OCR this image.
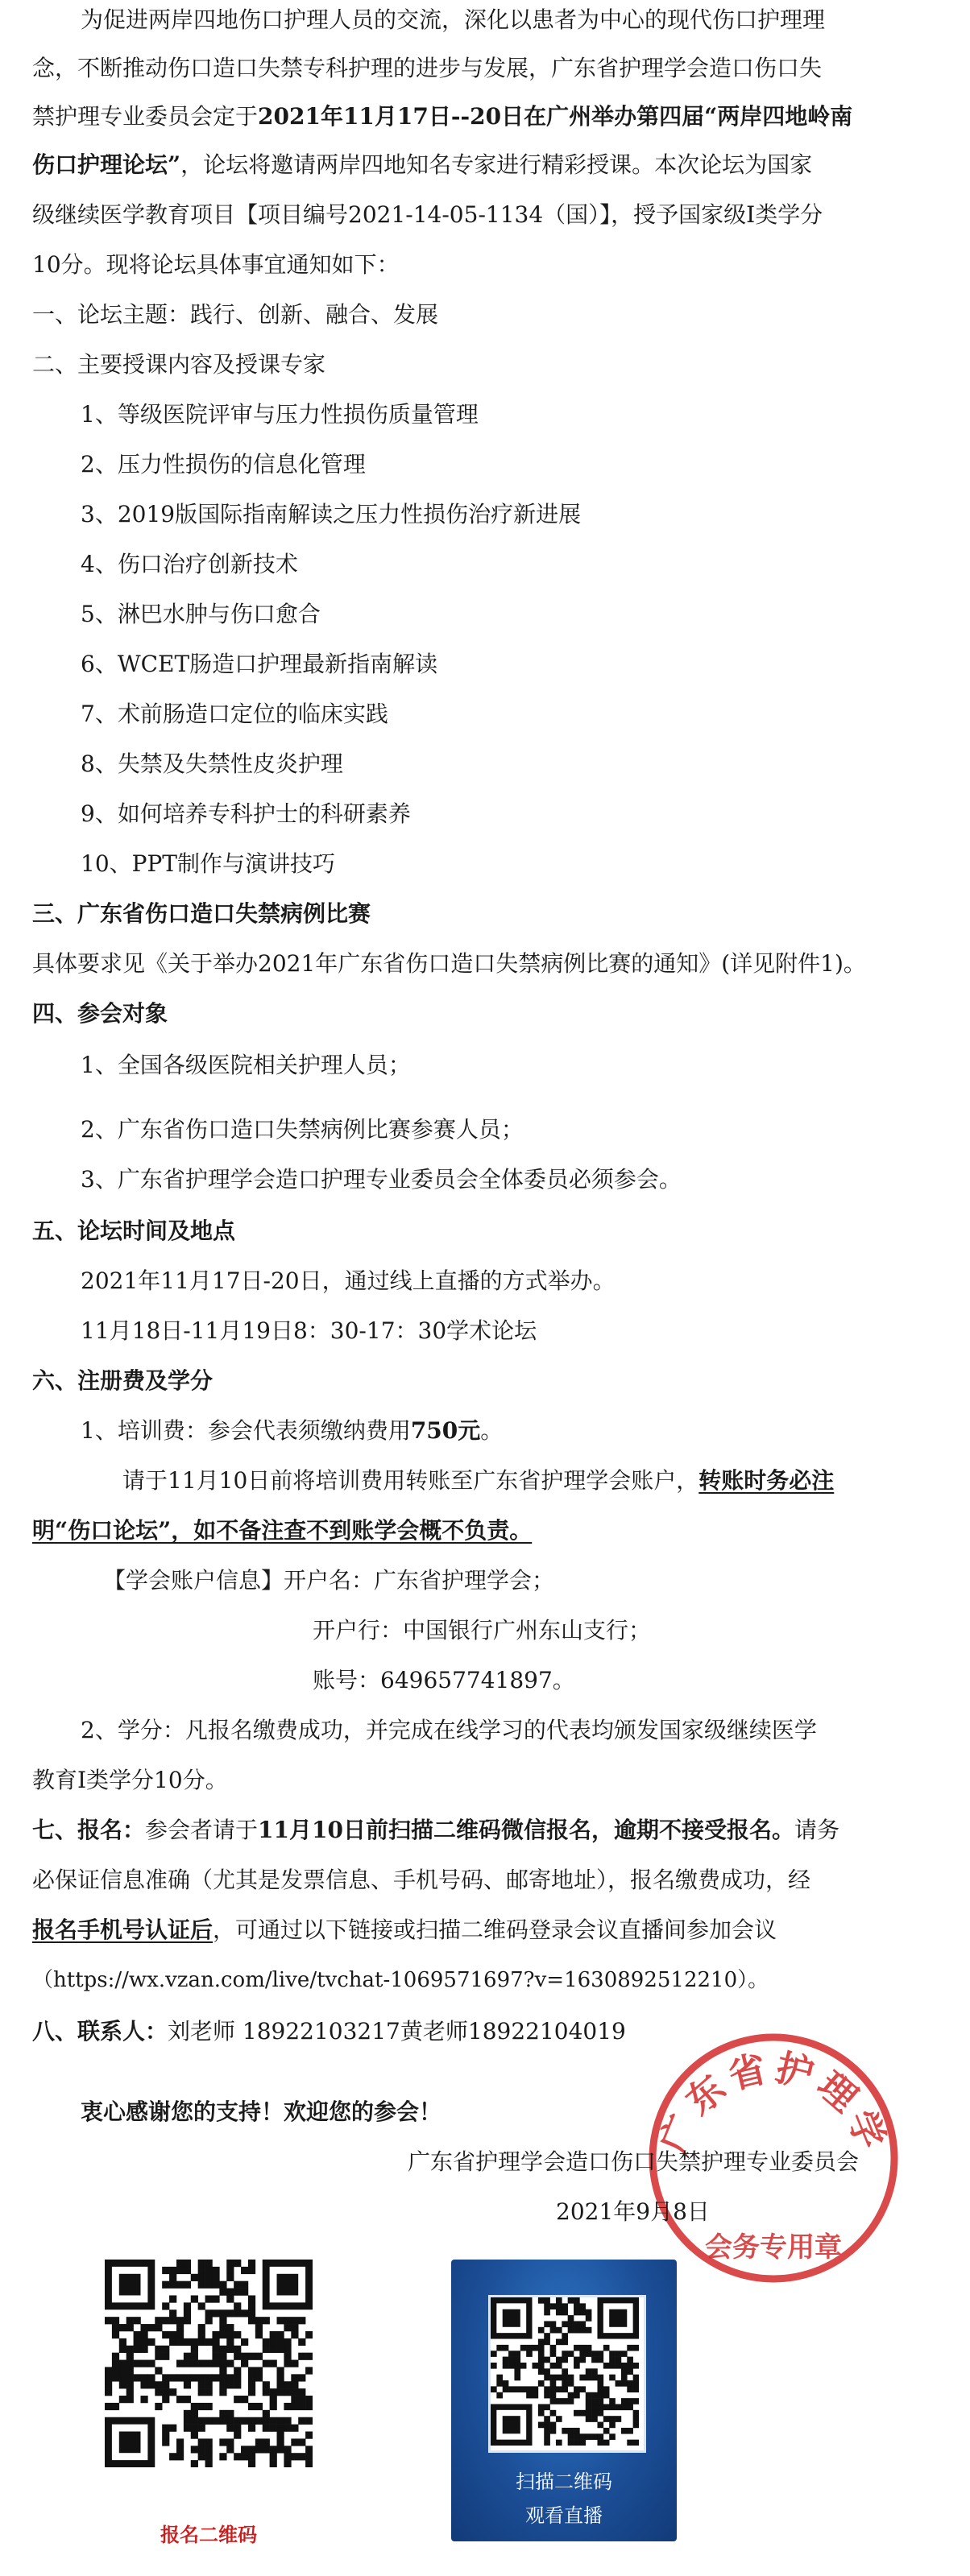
为促进两岸四地伤口护理人员的交流，深化以患者为中心的现代伤口护理理
念，不断推动伤口造口失禁专科护理的进步与发展，广东省护理学会造口伤口失
禁护理专业委员会定于2021年11月17日--20日在广州举办第四届“两岸四地岭南
伤口护理论坛”，论坛将邀请两岸四地知名专家进行精彩授课。本次论坛为国家
级继续医学教育项目【项目编号2021-14-05-1134（国）】，授予国家级Ⅰ类学分
10分。现将论坛具体事宜通知如下：
一、论坛主题：践行、创新、融合、发展
二、主要授课内容及授课专家
1、等级医院评审与压力性损伤质量管理
2、压力性损伤的信息化管理
3、2019版国际指南解读之压力性损伤治疗新进展
4、伤口治疗创新技术
5、淋巴水肿与伤口愈合
6、WCET肠造口护理最新指南解读
7、术前肠造口定位的临床实践
8、失禁及失禁性皮炎护理
9、如何培养专科护士的科研素养
10、PPT制作与演讲技巧
三、广东省伤口造口失禁病例比赛
具体要求见《关于举办2021年广东省伤口造口失禁病例比赛的通知》(详见附件1)。
四、参会对象
1、全国各级医院相关护理人员；
2、广东省伤口造口失禁病例比赛参赛人员；
3、广东省护理学会造口护理专业委员会全体委员必须参会。
五、论坛时间及地点
2021年11月17日-20日，通过线上直播的方式举办。
11月18日-11月19日8：30-17：30学术论坛
六、注册费及学分
1、培训费：参会代表须缴纳费用750元。
请于11月10日前将培训费用转账至广东省护理学会账户，转账时务必注
明“伤口论坛”，如不备注查不到账学会概不负责。
【学会账户信息】开户名：广东省护理学会；
开户行：中国银行广州东山支行；
账号：649657741897。
2、学分：凡报名缴费成功，并完成在线学习的代表均颁发国家级继续医学
教育Ⅰ类学分10分。
七、报名：参会者请于11月10日前扫描二维码微信报名，逾期不接受报名。请务
必保证信息准确（尤其是发票信息、手机号码、邮寄地址），报名缴费成功，经
报名手机号认证后，可通过以下链接或扫描二维码登录会议直播间参加会议
（https://wx.vzan.com/live/tvchat-1069571697?v=1630892512210）。
八、联系人：刘老师 18922103217黄老师18922104019
广东省护理学
会务专用章
衷心感谢您的支持！欢迎您的参会！
广东省护理学会造口伤口失禁护理专业委员会
2021年9月8日
报名二维码
扫描二维码
观看直播
